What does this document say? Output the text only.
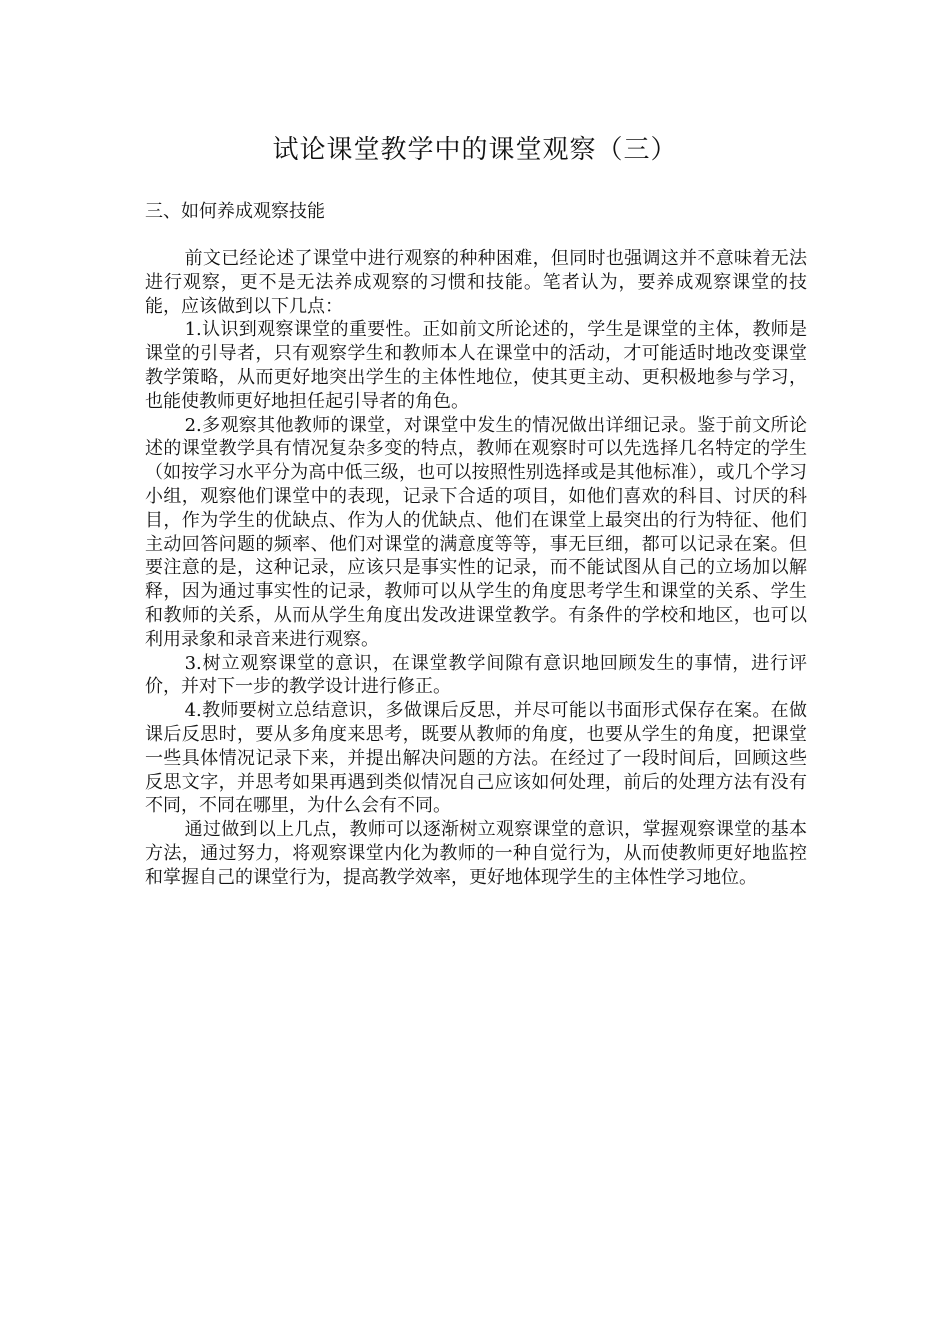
试论课堂教学中的课堂观察（三）
三、如何养成观察技能

前文已经论述了课堂中进行观察的种种困难，但同时也强调这并不意味着无法进行观察，更不是无法养成观察的习惯和技能。笔者认为，要养成观察课堂的技能，应该做到以下几点：

1.认识到观察课堂的重要性。正如前文所论述的，学生是课堂的主体，教师是课堂的引导者，只有观察学生和教师本人在课堂中的活动，才可能适时地改变课堂教学策略，从而更好地突出学生的主体性地位，使其更主动、更积极地参与学习，也能使教师更好地担任起引导者的角色。

2.多观察其他教师的课堂，对课堂中发生的情况做出详细记录。鉴于前文所论述的课堂教学具有情况复杂多变的特点，教师在观察时可以先选择几名特定的学生（如按学习水平分为高中低三级，也可以按照性别选择或是其他标准），或几个学习小组，观察他们课堂中的表现，记录下合适的项目，如他们喜欢的科目、讨厌的科目，作为学生的优缺点、作为人的优缺点、他们在课堂上最突出的行为特征、他们主动回答问题的频率、他们对课堂的满意度等等，事无巨细，都可以记录在案。但要注意的是，这种记录，应该只是事实性的记录，而不能试图从自己的立场加以解释，因为通过事实性的记录，教师可以从学生的角度思考学生和课堂的关系、学生和教师的关系，从而从学生角度出发改进课堂教学。有条件的学校和地区，也可以利用录象和录音来进行观察。

3.树立观察课堂的意识，在课堂教学间隙有意识地回顾发生的事情，进行评价，并对下一步的教学设计进行修正。

4.教师要树立总结意识，多做课后反思，并尽可能以书面形式保存在案。在做课后反思时，要从多角度来思考，既要从教师的角度，也要从学生的角度，把课堂一些具体情况记录下来，并提出解决问题的方法。在经过了一段时间后，回顾这些反思文字，并思考如果再遇到类似情况自己应该如何处理，前后的处理方法有没有不同，不同在哪里，为什么会有不同。

通过做到以上几点，教师可以逐渐树立观察课堂的意识，掌握观察课堂的基本方法，通过努力，将观察课堂内化为教师的一种自觉行为，从而使教师更好地监控和掌握自己的课堂行为，提高教学效率，更好地体现学生的主体性学习地位。
